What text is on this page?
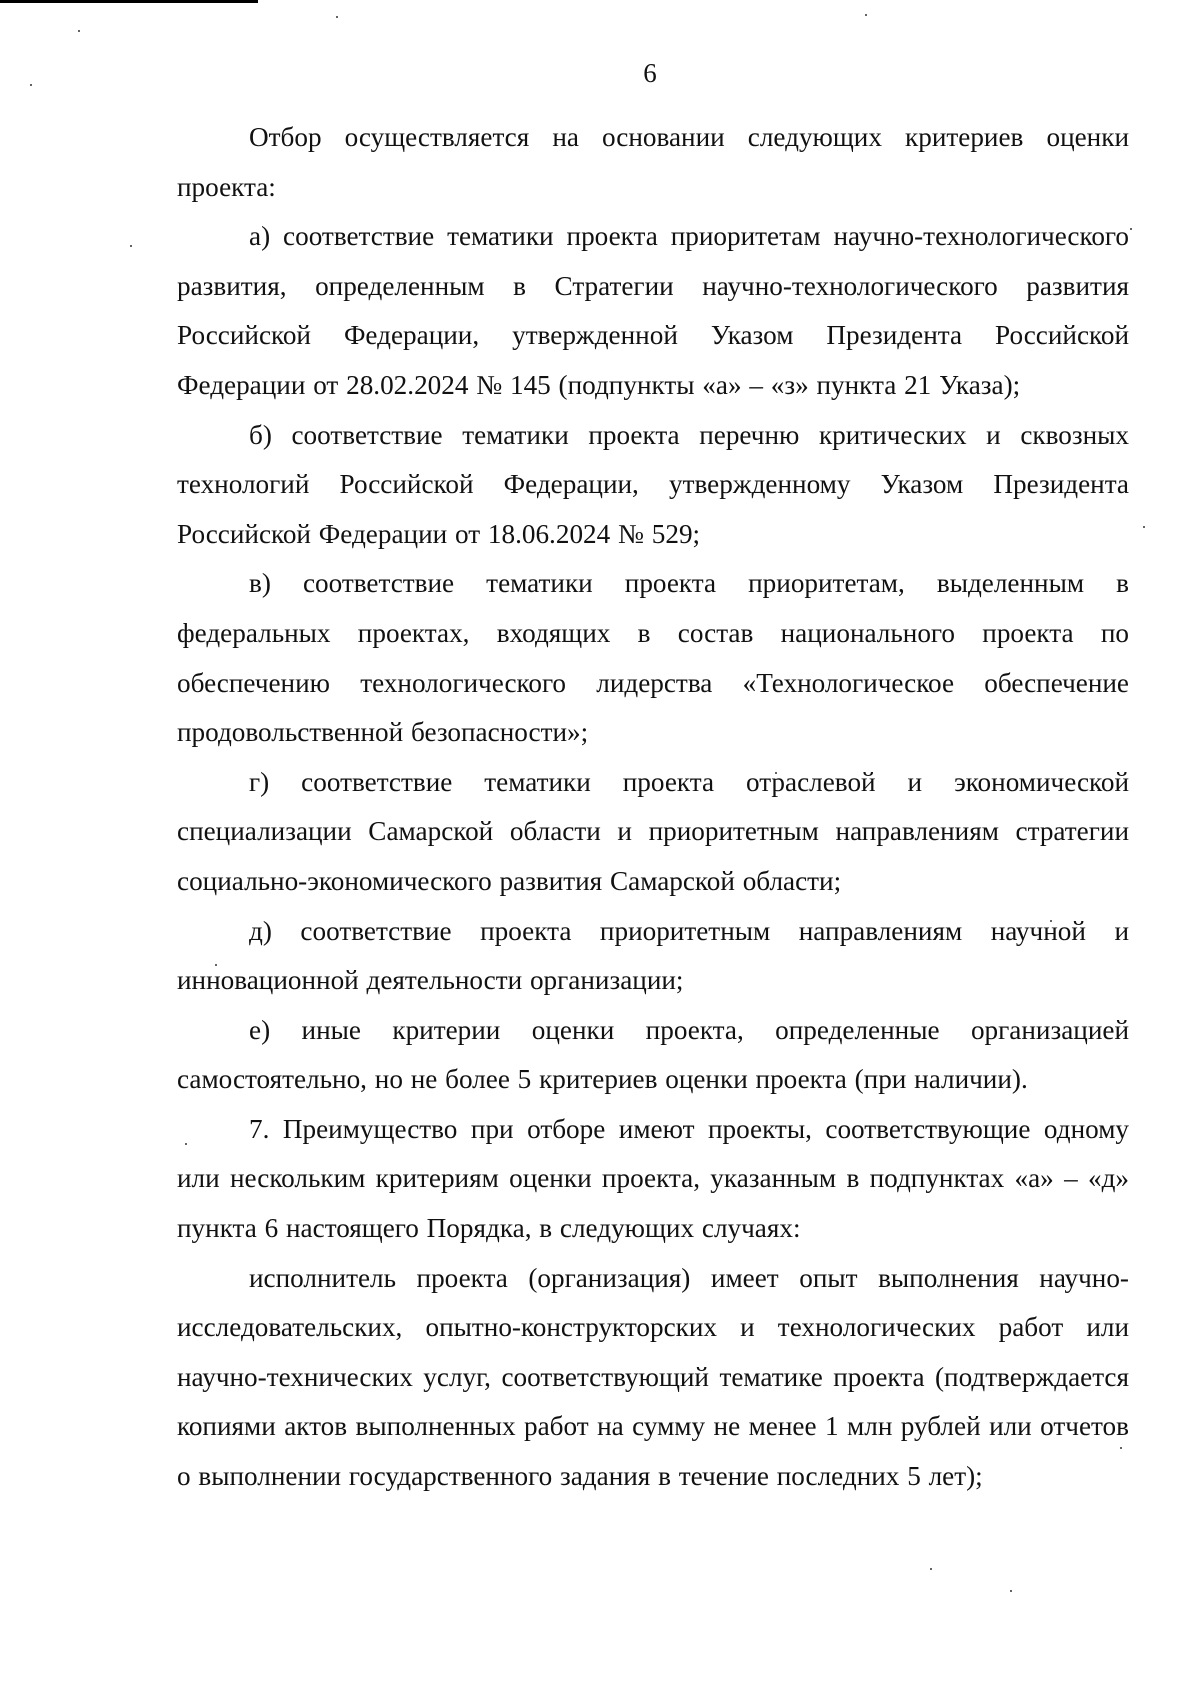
6

Отбор осуществляется на основании следующих критериев оценки проекта:

а) соответствие тематики проекта приоритетам научно-технологического развития, определенным в Стратегии научно-технологического развития Российской Федерации, утвержденной Указом Президента Российской Федерации от 28.02.2024 № 145 (подпункты «а» – «з» пункта 21 Указа);

б) соответствие тематики проекта перечню критических и сквозных технологий Российской Федерации, утвержденному Указом Президента Российской Федерации от 18.06.2024 № 529;

в) соответствие тематики проекта приоритетам, выделенным в федеральных проектах, входящих в состав национального проекта по обеспечению технологического лидерства «Технологическое обеспечение продовольственной безопасности»;

г) соответствие тематики проекта отраслевой и экономической специализации Самарской области и приоритетным направлениям стратегии социально-экономического развития Самарской области;

д) соответствие проекта приоритетным направлениям научной и инновационной деятельности организации;

е) иные критерии оценки проекта, определенные организацией самостоятельно, но не более 5 критериев оценки проекта (при наличии).

7. Преимущество при отборе имеют проекты, соответствующие одному или нескольким критериям оценки проекта, указанным в подпунктах «а» – «д» пункта 6 настоящего Порядка, в следующих случаях:

исполнитель проекта (организация) имеет опыт выполнения научно-исследовательских, опытно-конструкторских и технологических работ или научно-технических услуг, соответствующий тематике проекта (подтверждается копиями актов выполненных работ на сумму не менее 1 млн рублей или отчетов о выполнении государственного задания в течение последних 5 лет);
